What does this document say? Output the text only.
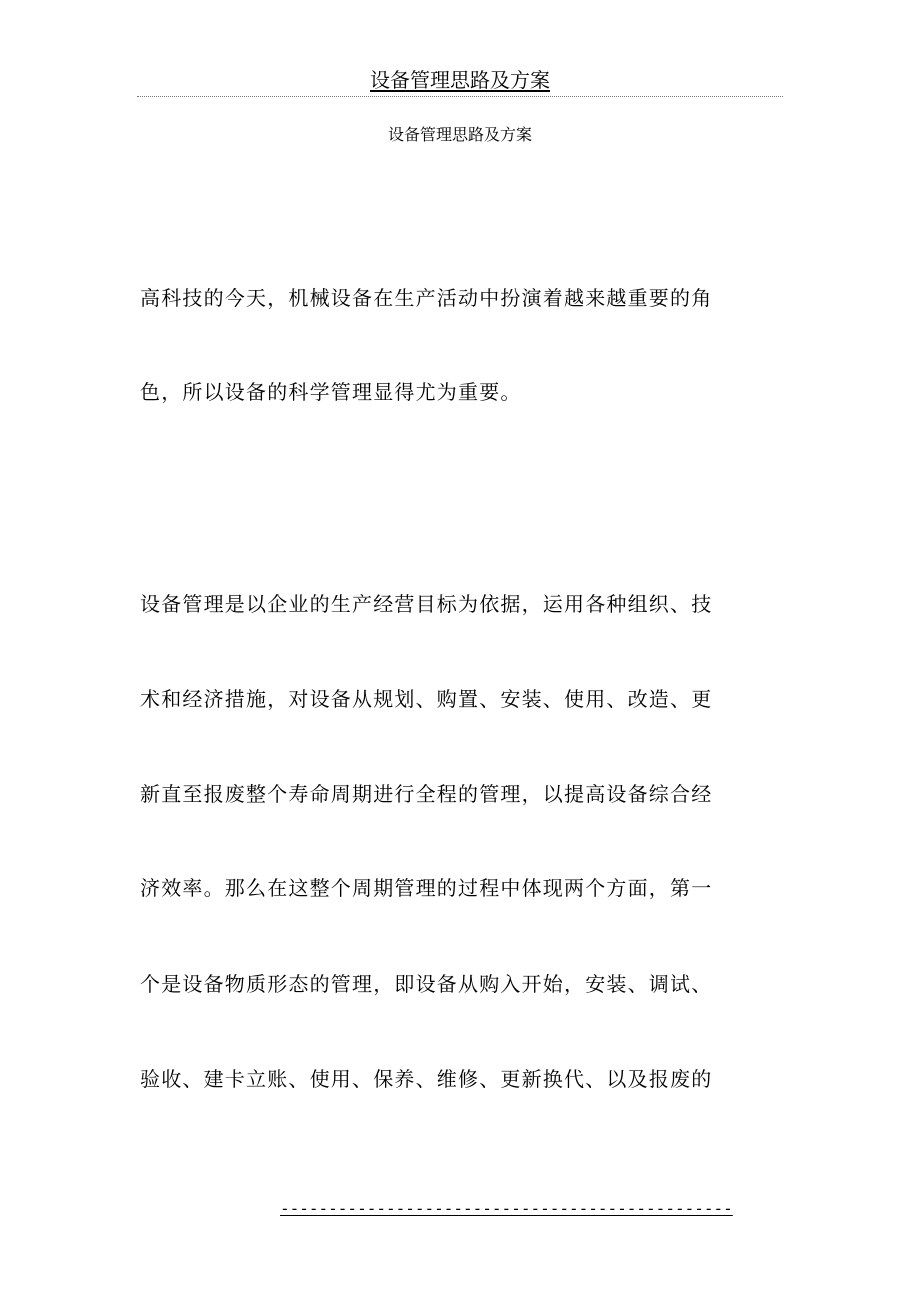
设备管理思路及方案
设备管理思路及方案
高科技的今天，机械设备在生产活动中扮演着越来越重要的角
色，所以设备的科学管理显得尤为重要。
设备管理是以企业的生产经营目标为依据，运用各种组织、技
术和经济措施，对设备从规划、购置、安装、使用、改造、更
新直至报废整个寿命周期进行全程的管理，以提高设备综合经
济效率。那么在这整个周期管理的过程中体现两个方面，第一
个是设备物质形态的管理，即设备从购入开始，安装、调试、
验收、建卡立账、使用、保养、维修、更新换代、以及报废的
-----------------------------------------------
